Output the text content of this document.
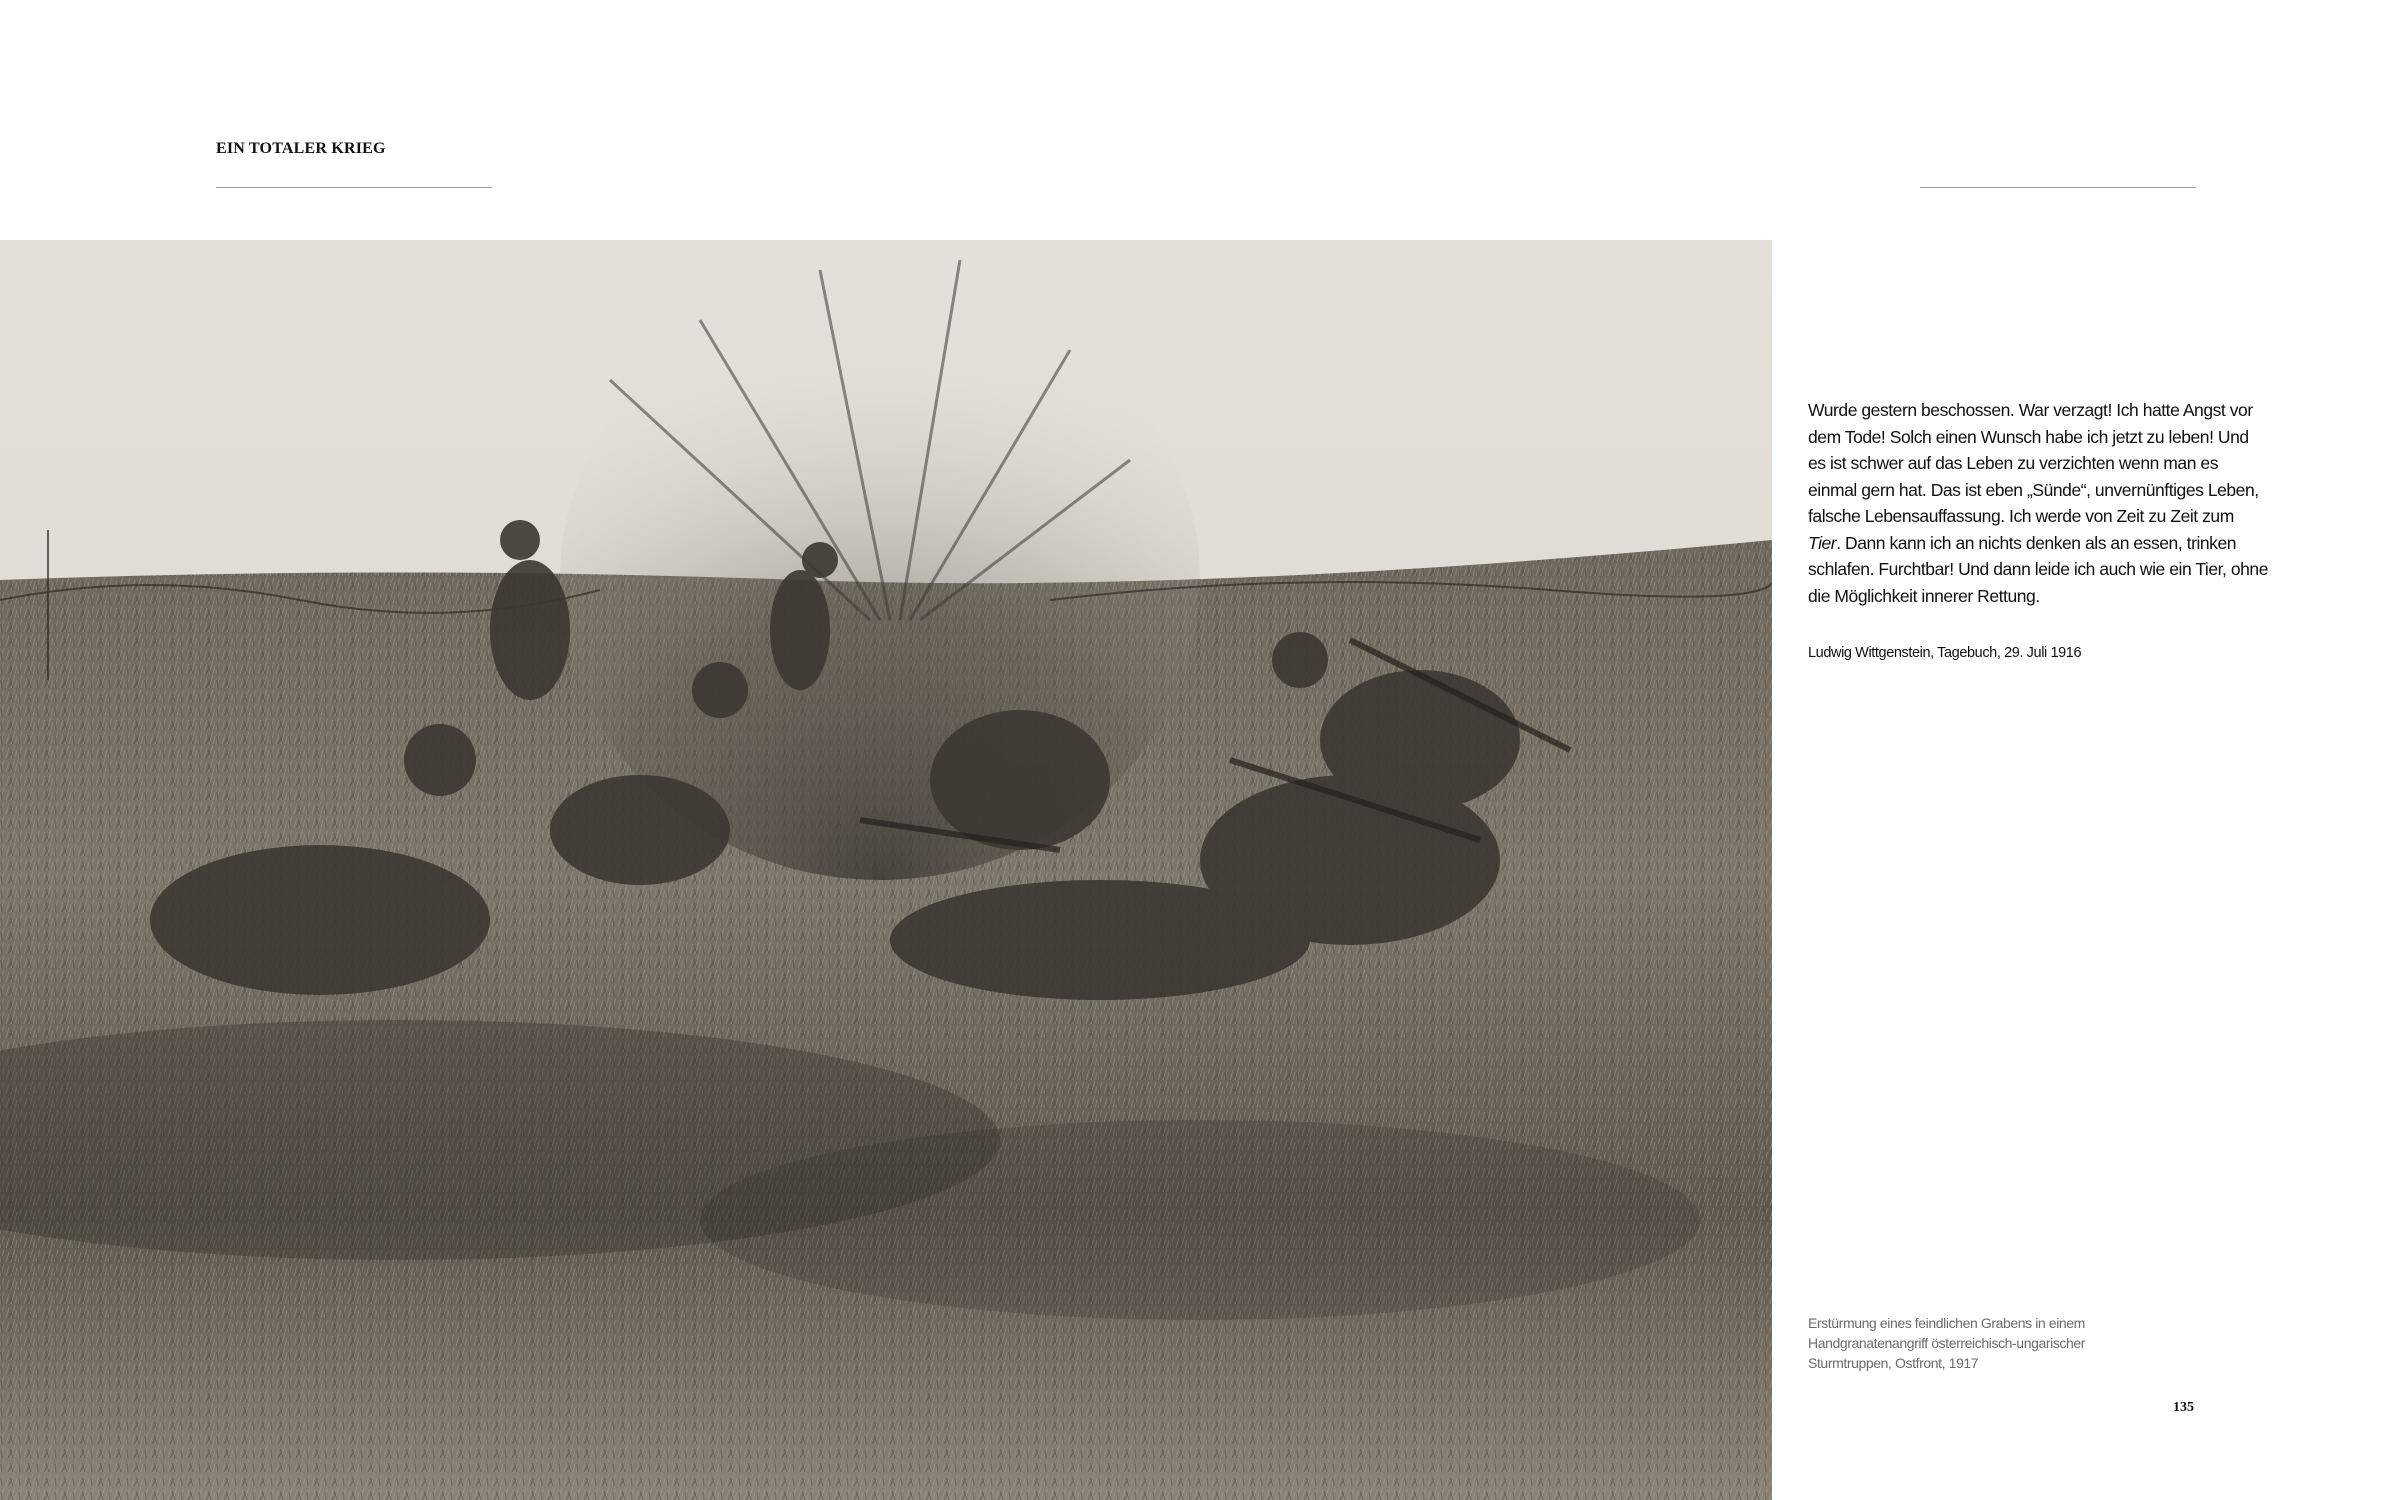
EIN TOTALER KRIEG

Wurde gestern beschossen. War verzagt! Ich hatte Angst vor dem Tode! Solch einen Wunsch habe ich jetzt zu leben! Und es ist schwer auf das Leben zu verzichten wenn man es einmal gern hat. Das ist eben „Sünde“, unvernünftiges Leben, falsche Lebensauffassung. Ich werde von Zeit zu Zeit zum Tier. Dann kann ich an nichts denken als an essen, trinken schlafen. Furchtbar! Und dann leide ich auch wie ein Tier, ohne die Möglichkeit innerer Rettung.

Ludwig Wittgenstein, Tagebuch, 29. Juli 1916
Erstürmung eines feindlichen Grabens in einem
Handgranatenangriff österreichisch-ungarischer
Sturmtruppen, Ostfront, 1917
135
